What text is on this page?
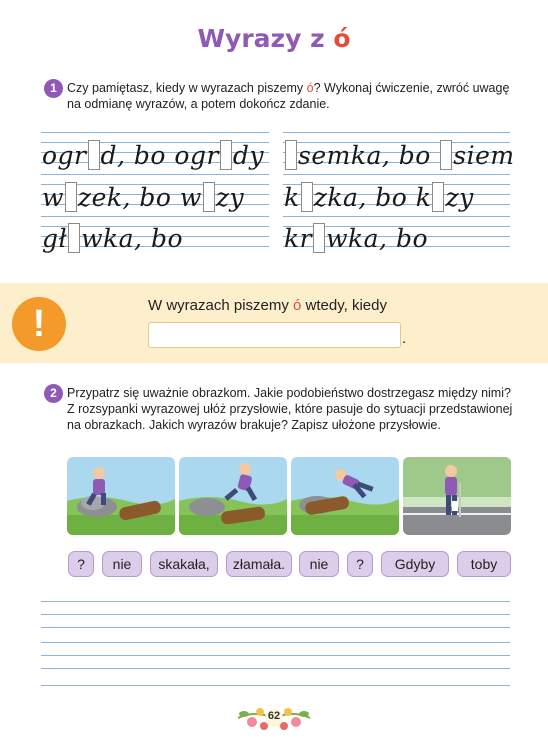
Wyrazy z ó
1 Czy pamiętasz, kiedy w wyrazach piszemy ó? Wykonaj ćwiczenie, zwróć uwagę na odmianę wyrazów, a potem dokończ zdanie.
ogr d, bo ogr dy	semka, bo siem
w zek, bo w zy k zka, bo k zy
gł wka, bo	kr wka, bo
!	W wyrazach piszemy ó wtedy, kiedy
.
2 Przypatrz się uważnie obrazkom. Jakie podobieństwo dostrzegasz między nimi? Z rozsypanki wyrazowej ułóż przysłowie, które pasuje do sytuacji przedstawionej na obrazkach. Jakich wyrazów brakuje? Zapisz ułożone przysłowie.
?	nie	skakała,	złamała.	nie	?	Gdyby	toby
62
